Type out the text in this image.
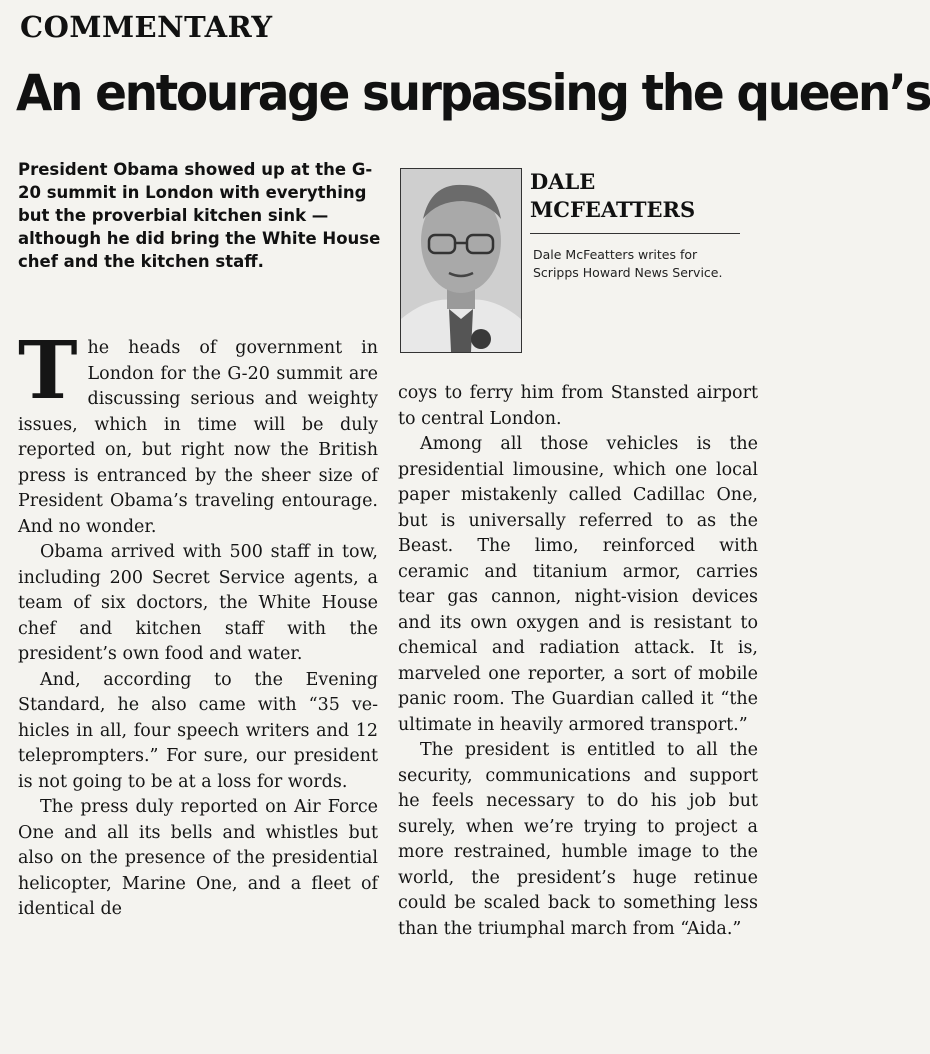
COMMENTARY
An entourage surpassing the queen’s
President Obama showed up at the G-20 summit in London with everything but the proverbial kitchen sink — although he did bring the White House chef and the kitchen staff.
DALE
MCFEATTERS
Dale McFeatters writes for Scripps Howard News Service.

The heads of government in London for the G-20 summit are discussing serious and weighty issues, which in time will be duly reported on, but right now the British press is entranced by the sheer size of President Obama’s traveling entourage. And no wonder.

Obama arrived with 500 staff in tow, including 200 Secret Service agents, a team of six doctors, the White House chef and kitchen staff with the president’s own food and water.

And, according to the Evening Standard, he also came with “35 vehicles in all, four speech writers and 12 teleprompters.” For sure, our president is not going to be at a loss for words.

The press duly reported on Air Force One and all its bells and whistles but also on the presence of the presidential helicopter, Marine One, and a fleet of identical de

coys to ferry him from Stansted airport to central London.

Among all those vehicles is the presidential limousine, which one local paper mistakenly called Cadillac One, but is universally referred to as the Beast. The limo, reinforced with ceramic and titanium armor, carries tear gas cannon, night-vision devices and its own oxygen and is resistant to chemical and radiation attack. It is, marveled one reporter, a sort of mobile panic room. The Guardian called it “the ultimate in heavily armored transport.”

The president is entitled to all the security, communications and support he feels necessary to do his job but surely, when we’re trying to project a more restrained, humble image to the world, the president’s huge retinue could be scaled back to something less than the triumphal march from “Aida.”
